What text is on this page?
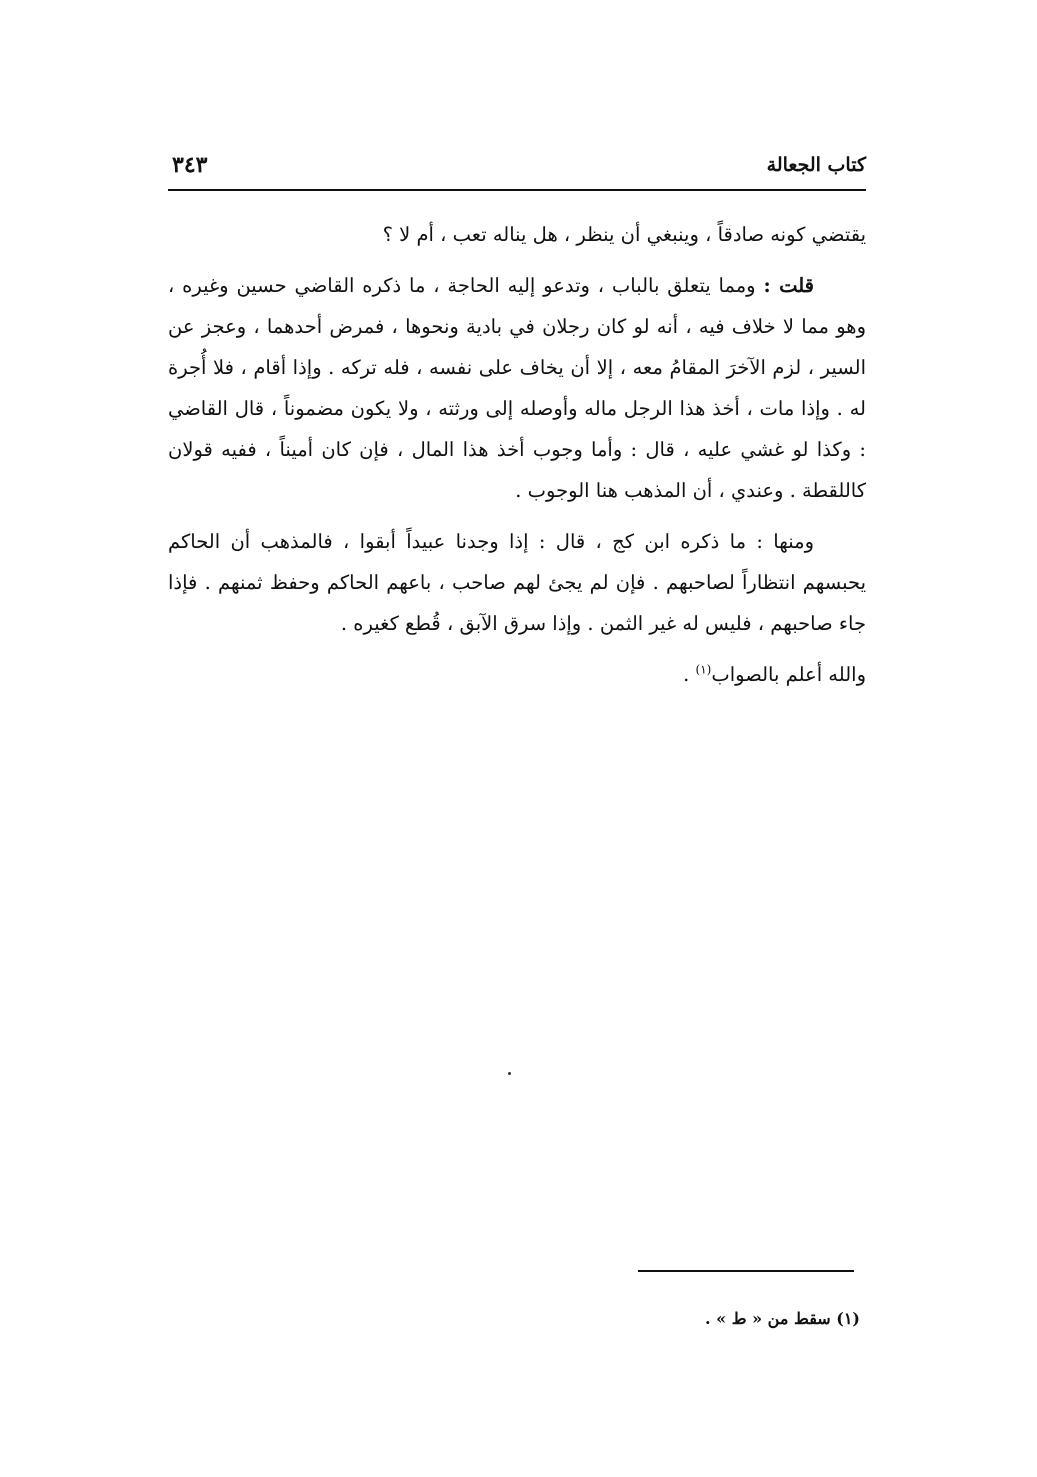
كتاب الجعالة
٣٤٣

يقتضي كونه صادقاً ، وينبغي أن ينظر ، هل يناله تعب ، أم لا ؟

قلت : ومما يتعلق بالباب ، وتدعو إليه الحاجة ، ما ذكره القاضي حسين وغيره ، وهو مما لا خلاف فيه ، أنه لو كان رجلان في بادية ونحوها ، فمرض أحدهما ، وعجز عن السير ، لزم الآخرَ المقامُ معه ، إلا أن يخاف على نفسه ، فله تركه . وإذا أقام ، فلا أُجرة له . وإذا مات ، أخذ هذا الرجل ماله وأوصله إلى ورثته ، ولا يكون مضموناً ، قال القاضي : وكذا لو غشي عليه ، قال : وأما وجوب أخذ هذا المال ، فإن كان أميناً ، ففيه قولان كاللقطة . وعندي ، أن المذهب هنا الوجوب .

ومنها : ما ذكره ابن كج ، قال : إذا وجدنا عبيداً أبقوا ، فالمذهب أن الحاكم يحبسهم انتظاراً لصاحبهم . فإن لم يجئ لهم صاحب ، باعهم الحاكم وحفظ ثمنهم . فإذا جاء صاحبهم ، فليس له غير الثمن . وإذا سرق الآبق ، قُطع كغيره .

والله أعلم بالصواب$^{(١)}$ .

(١) سقط من « ط » .
